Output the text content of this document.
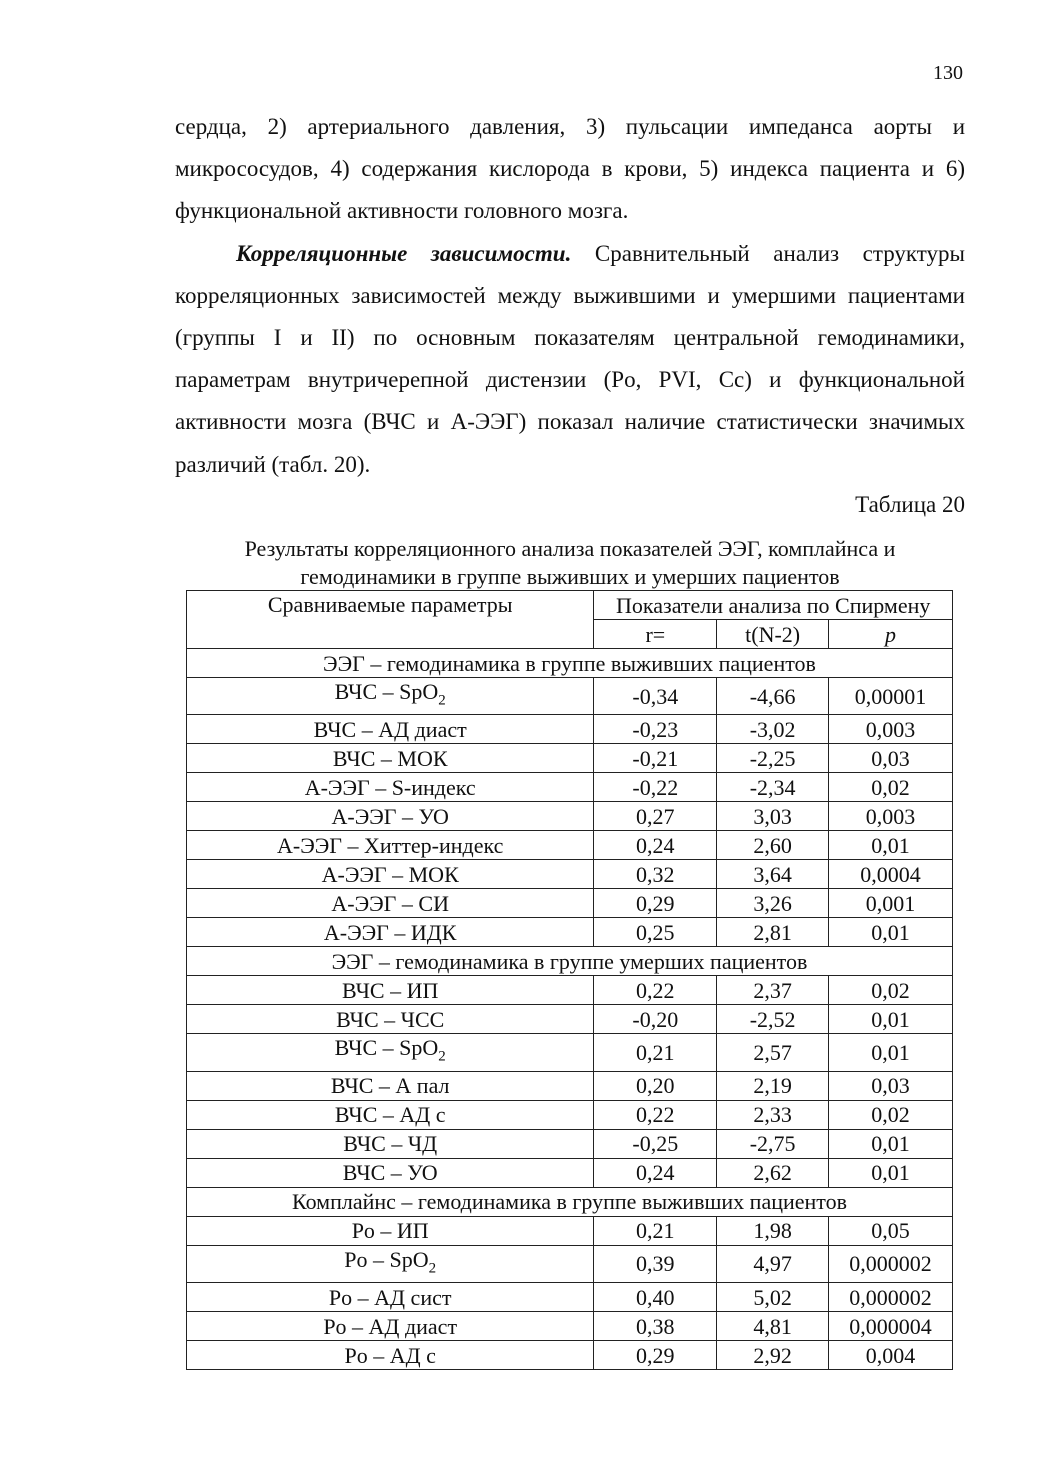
130

сердца, 2) артериального давления, 3) пульсации импеданса аорты и микрососудов, 4) содержания кислорода в крови, 5) индекса пациента и 6) функциональной активности головного мозга.

Корреляционные зависимости. Сравнительный анализ структуры корреляционных зависимостей между выжившими и умершими пациентами (группы I и II) по основным показателям центральной гемодинамики, параметрам внутричерепной дистензии (Po, PVI, Cc) и функциональной активности мозга (ВЧС и А-ЭЭГ) показал наличие статистически значимых различий (табл. 20).

Таблица 20
Результаты корреляционного анализа показателей ЭЭГ, комплайнса и
гемодинамики в группе выживших и умерших пациентов
Сравниваемые параметры	Показатели анализа по Спирмену		
	r=	t(N-2)	p
ЭЭГ – гемодинамика в группе выживших пациентов			
ВЧС – SpO$_2$	-0,34	-4,66	0,00001
ВЧС – АД диаст	-0,23	-3,02	0,003
ВЧС – МОК	-0,21	-2,25	0,03
А-ЭЭГ – S-индекс	-0,22	-2,34	0,02
А-ЭЭГ – УО	0,27	3,03	0,003
А-ЭЭГ – Хиттер-индекс	0,24	2,60	0,01
А-ЭЭГ – МОК	0,32	3,64	0,0004
А-ЭЭГ – СИ	0,29	3,26	0,001
А-ЭЭГ – ИДК	0,25	2,81	0,01
ЭЭГ – гемодинамика в группе умерших пациентов			
ВЧС – ИП	0,22	2,37	0,02
ВЧС – ЧСС	-0,20	-2,52	0,01
ВЧС – SpO$_2$	0,21	2,57	0,01
ВЧС – А пал	0,20	2,19	0,03
ВЧС – АД с	0,22	2,33	0,02
ВЧС – ЧД	-0,25	-2,75	0,01
ВЧС – УО	0,24	2,62	0,01
Комплайнс – гемодинамика в группе выживших пациентов			
Po – ИП	0,21	1,98	0,05
Po – SpO$_2$	0,39	4,97	0,000002
Po – АД сист	0,40	5,02	0,000002
Po – АД диаст	0,38	4,81	0,000004
Po – АД с	0,29	2,92	0,004
